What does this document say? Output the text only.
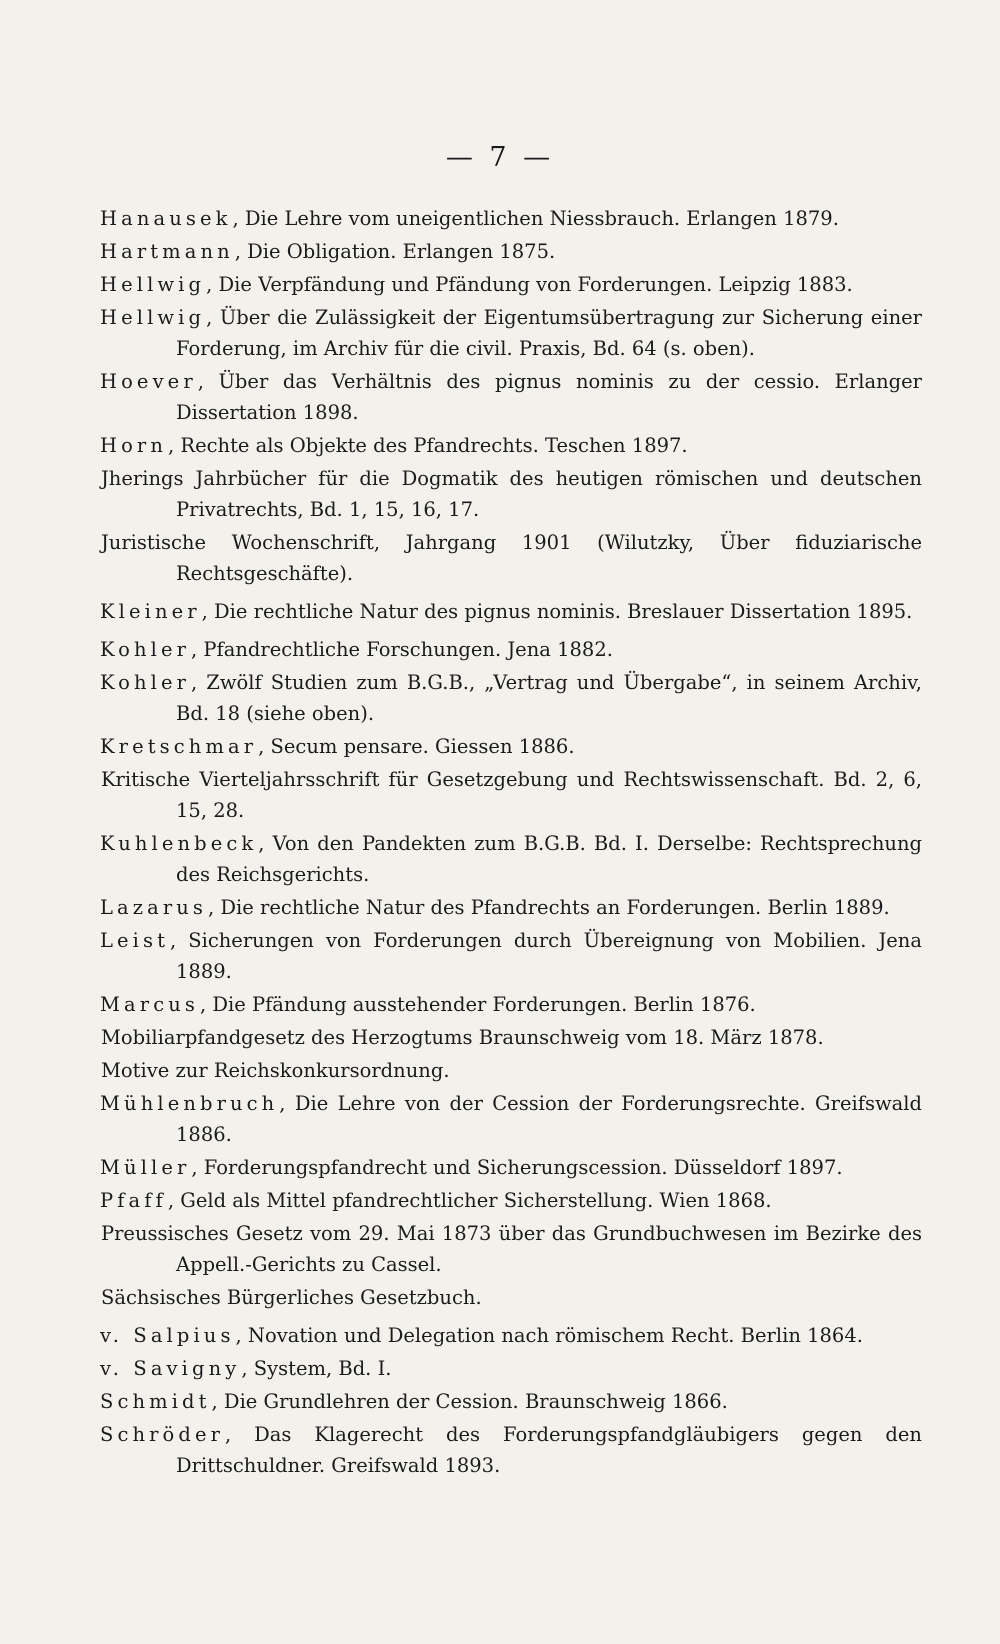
— 7 —
Hanausek, Die Lehre vom uneigentlichen Niessbrauch. Erlangen 1879.
Hartmann, Die Obligation. Erlangen 1875.
Hellwig, Die Verpfändung und Pfändung von Forderungen. Leipzig 1883.
Hellwig, Über die Zulässigkeit der Eigentumsübertragung zur Sicherung einer Forderung, im Archiv für die civil. Praxis, Bd. 64 (s. oben).
Hoever, Über das Verhältnis des pignus nominis zu der cessio. Erlanger Dissertation 1898.
Horn, Rechte als Objekte des Pfandrechts. Teschen 1897.
Jherings Jahrbücher für die Dogmatik des heutigen römischen und deutschen Privatrechts, Bd. 1, 15, 16, 17.
Juristische Wochenschrift, Jahrgang 1901 (Wilutzky, Über fiduziarische Rechtsgeschäfte).
Kleiner, Die rechtliche Natur des pignus nominis. Breslauer Dissertation 1895.
Kohler, Pfandrechtliche Forschungen. Jena 1882.
Kohler, Zwölf Studien zum B.G.B., „Vertrag und Übergabe“, in seinem Archiv, Bd. 18 (siehe oben).
Kretschmar, Secum pensare. Giessen 1886.
Kritische Vierteljahrsschrift für Gesetzgebung und Rechtswissenschaft. Bd. 2, 6, 15, 28.
Kuhlenbeck, Von den Pandekten zum B.G.B. Bd. I. Derselbe: Rechtsprechung des Reichsgerichts.
Lazarus, Die rechtliche Natur des Pfandrechts an Forderungen. Berlin 1889.
Leist, Sicherungen von Forderungen durch Übereignung von Mobilien. Jena 1889.
Marcus, Die Pfändung ausstehender Forderungen. Berlin 1876.
Mobiliarpfandgesetz des Herzogtums Braunschweig vom 18. März 1878.
Motive zur Reichskonkursordnung.
Mühlenbruch, Die Lehre von der Cession der Forderungsrechte. Greifswald 1886.
Müller, Forderungspfandrecht und Sicherungscession. Düsseldorf 1897.
Pfaff, Geld als Mittel pfandrechtlicher Sicherstellung. Wien 1868.
Preussisches Gesetz vom 29. Mai 1873 über das Grundbuchwesen im Bezirke des Appell.-Gerichts zu Cassel.
Sächsisches Bürgerliches Gesetzbuch.
v. Salpius, Novation und Delegation nach römischem Recht. Berlin 1864.
v. Savigny, System, Bd. I.
Schmidt, Die Grundlehren der Cession. Braunschweig 1866.
Schröder, Das Klagerecht des Forderungspfandgläubigers gegen den Drittschuldner. Greifswald 1893.
